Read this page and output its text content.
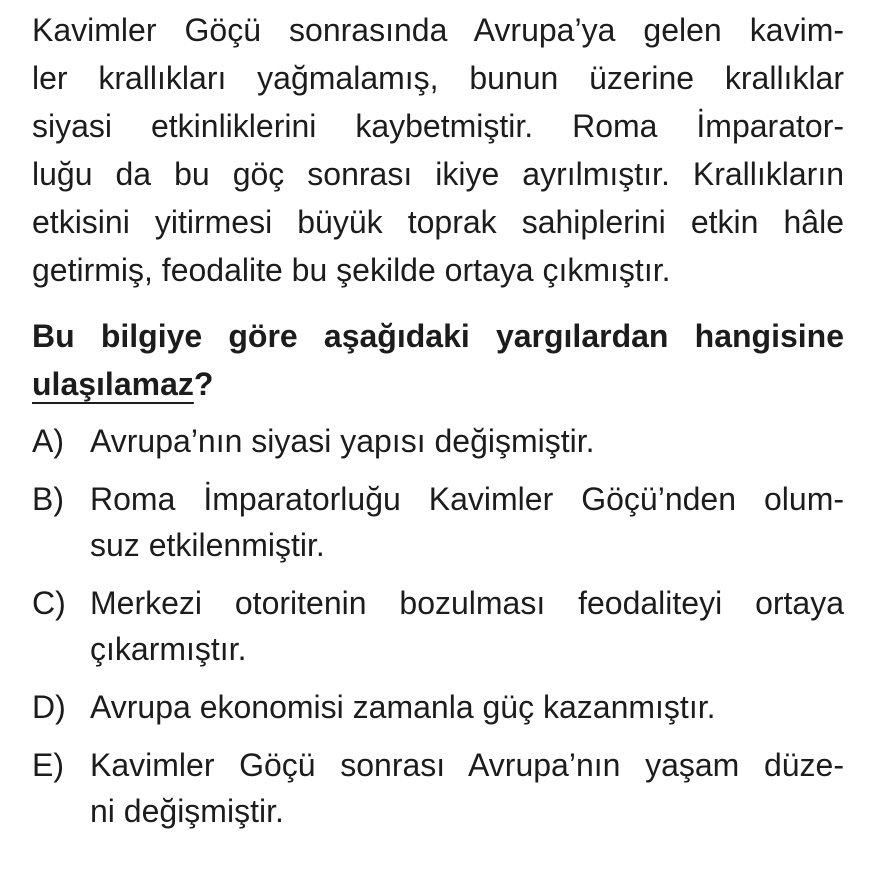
Kavimler Göçü sonrasında Avrupa’ya gelen kavim-
ler krallıkları yağmalamış, bunun üzerine krallıklar
siyasi etkinliklerini kaybetmiştir. Roma İmparator-
luğu da bu göç sonrası ikiye ayrılmıştır. Krallıkların
etkisini yitirmesi büyük toprak sahiplerini etkin hâle
getirmiş, feodalite bu şekilde ortaya çıkmıştır.
Bu bilgiye göre aşağıdaki yargılardan hangisine
ulaşılamaz?
A) Avrupa’nın siyasi yapısı değişmiştir.
B) Roma İmparatorluğu Kavimler Göçü’nden olum-
suz etkilenmiştir.
C) Merkezi otoritenin bozulması feodaliteyi ortaya
çıkarmıştır.
D) Avrupa ekonomisi zamanla güç kazanmıştır.
E) Kavimler Göçü sonrası Avrupa’nın yaşam düze-
ni değişmiştir.
